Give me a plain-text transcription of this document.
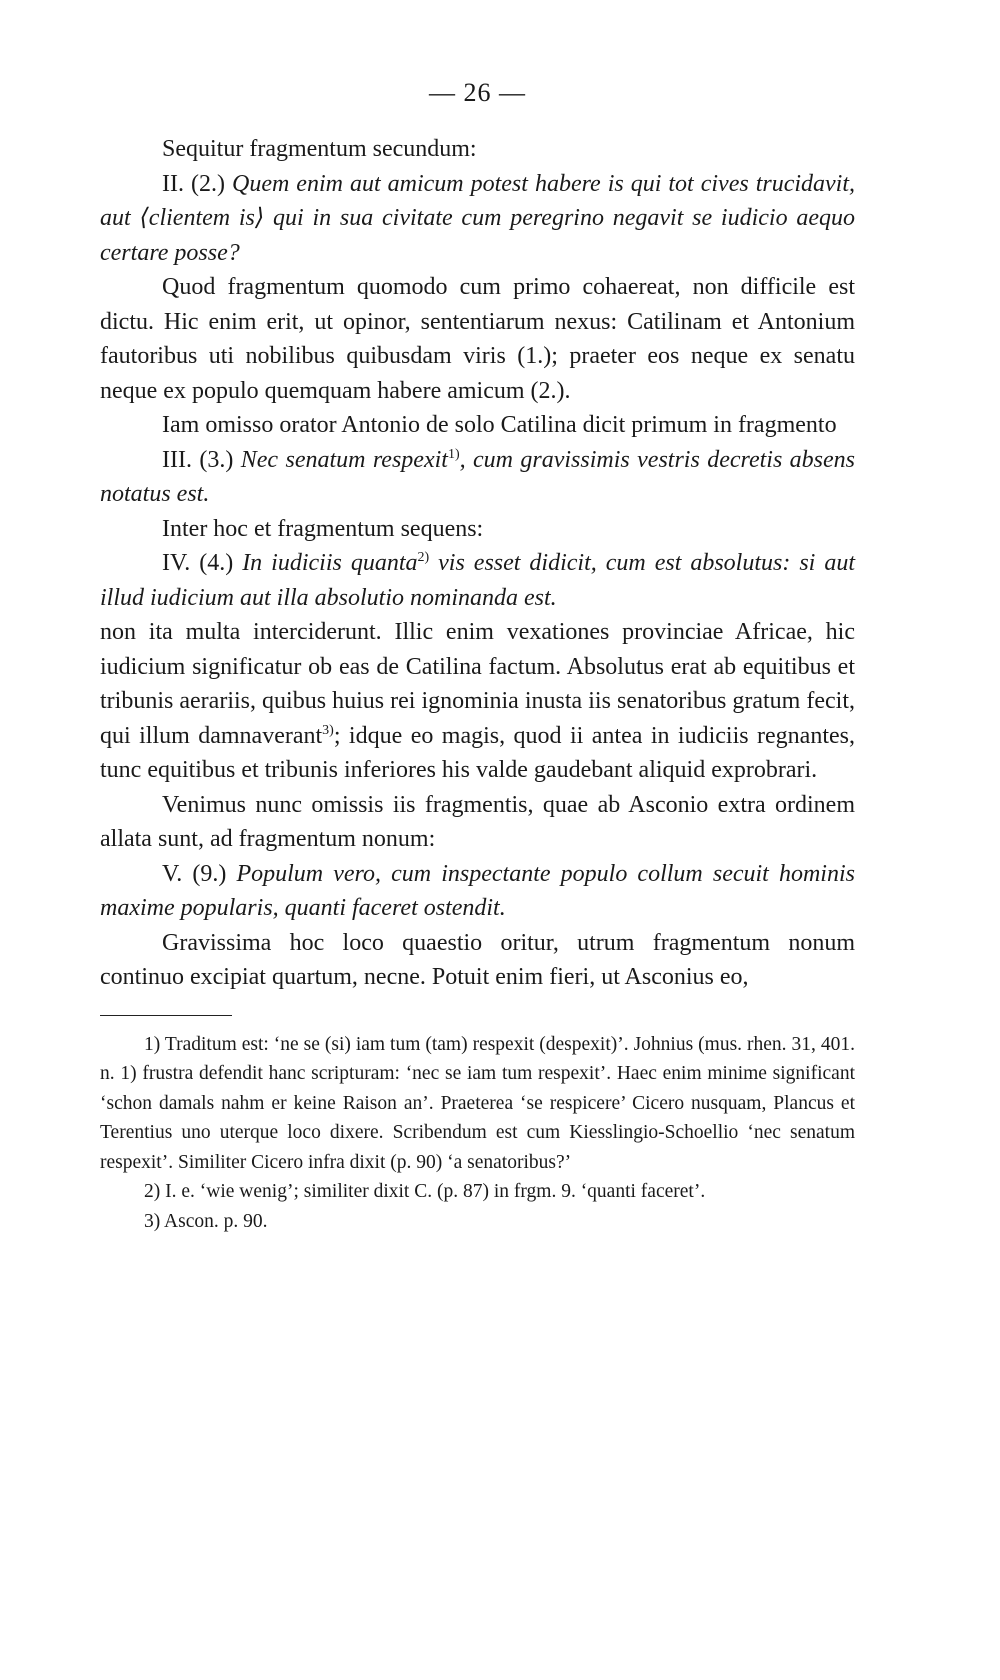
— 26 —

Sequitur fragmentum secundum:

II. (2.) Quem enim aut amicum potest habere is qui tot cives trucidavit, aut ⟨clientem is⟩ qui in sua civitate cum peregrino negavit se iudicio aequo certare posse?

Quod fragmentum quomodo cum primo cohaereat, non difficile est dictu. Hic enim erit, ut opinor, sententiarum nexus: Catilinam et Antonium fautoribus uti nobilibus quibusdam viris (1.); praeter eos neque ex senatu neque ex populo quemquam habere amicum (2.).

Iam omisso orator Antonio de solo Catilina dicit primum in fragmento

III. (3.) Nec senatum respexit$^{1)}$, cum gravissimis vestris decretis absens notatus est.

Inter hoc et fragmentum sequens:

IV. (4.) In iudiciis quanta$^{2)}$ vis esset didicit, cum est absolutus: si aut illud iudicium aut illa absolutio nominanda est.

non ita multa interciderunt. Illic enim vexationes provinciae Africae, hic iudicium significatur ob eas de Catilina factum. Absolutus erat ab equitibus et tribunis aerariis, quibus huius rei ignominia inusta iis senatoribus gratum fecit, qui illum damnaverant$^{3)}$; idque eo magis, quod ii antea in iudiciis regnantes, tunc equitibus et tribunis inferiores his valde gaudebant aliquid exprobrari.

Venimus nunc omissis iis fragmentis, quae ab Asconio extra ordinem allata sunt, ad fragmentum nonum:

V. (9.) Populum vero, cum inspectante populo collum secuit hominis maxime popularis, quanti faceret ostendit.

Gravissima hoc loco quaestio oritur, utrum fragmentum nonum continuo excipiat quartum, necne. Potuit enim fieri, ut Asconius eo,

1) Traditum est: ʻne se (si) iam tum (tam) respexit (despexit)’. Johnius (mus. rhen. 31, 401. n. 1) frustra defendit hanc scripturam: ʻnec se iam tum respexit’. Haec enim minime significant ʻschon damals nahm er keine Raison an’. Praeterea ʻse respicere’ Cicero nusquam, Plancus et Terentius uno uterque loco dixere. Scribendum est cum Kiesslingio-Schoellio ʻnec senatum respexit’. Similiter Cicero infra dixit (p. 90) ʻa senatoribus?’

2) I. e. ʻwie wenig’; similiter dixit C. (p. 87) in frgm. 9. ʻquanti faceret’.

3) Ascon. p. 90.
